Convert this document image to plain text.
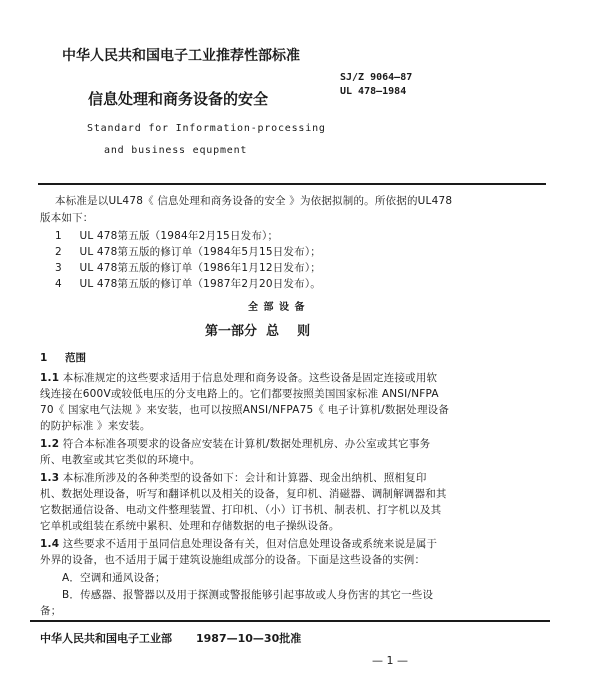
中华人民共和国电子工业推荐性部标准
SJ/Z 9064—87
信息处理和商务设备的安全	UL 478—1984
Standard for Information-processing
and business equpment
本标准是以UL478《 信息处理和商务设备的安全 》为依据拟制的。所依据的UL478
版本如下：
1 UL 478第五版（1984年2月15日发布）；
2 UL 478第五版的修订单（1984年5月15日发布）；
3 UL 478第五版的修订单（1986年1月12日发布）；
4 UL 478第五版的修订单（1987年2月20日发布）。
全 部 设 备
第一部分  总    则
1 范围
1.1 本标准规定的这些要求适用于信息处理和商务设备。这些设备是固定连接或用软
线连接在600V或较低电压的分支电路上的。它们都要按照美国国家标准 ANSI/NFPA
70《 国家电气法规 》来安装，也可以按照ANSI/NFPA75《 电子计算机/数据处理设备
的防护标准 》来安装。
1.2 符合本标准各项要求的设备应安装在计算机/数据处理机房、办公室或其它事务
所、电教室或其它类似的环境中。
1.3 本标准所涉及的各种类型的设备如下：会计和计算器、现金出纳机、照相复印
机、数据处理设备，听写和翻译机以及相关的设备，复印机、消磁器、调制解调器和其
它数据通信设备、电动文件整理装置、打印机、（小）订书机、制表机、打字机以及其
它单机或组装在系统中累积、处理和存储数据的电子操纵设备。
1.4 这些要求不适用于虽同信息处理设备有关，但对信息处理设备或系统来说是属于
外界的设备，也不适用于属于建筑设施组成部分的设备。下面是这些设备的实例：
A．空调和通风设备；
B．传感器、报警器以及用于探测或警报能够引起事故或人身伤害的其它一些设
备；
中华人民共和国电子工业部 1987—10—30批准
— 1 —
